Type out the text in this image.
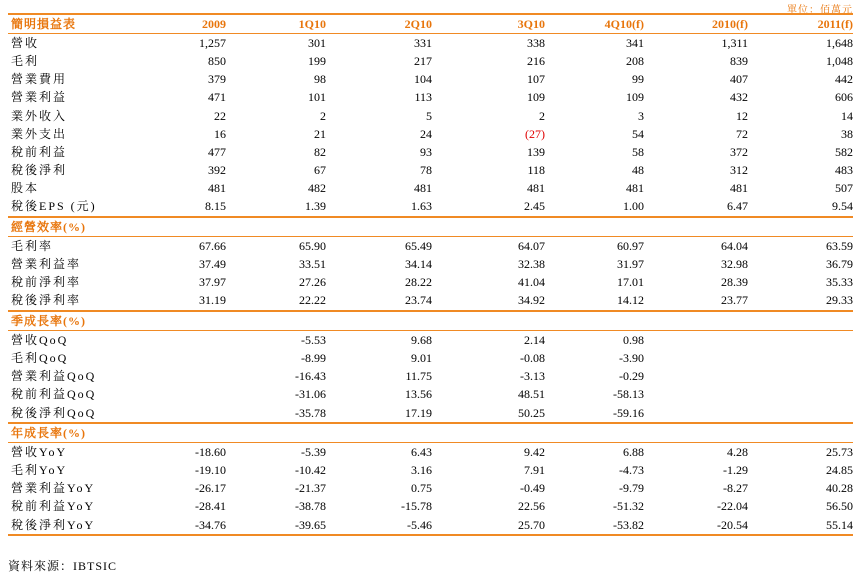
單位：佰萬元
簡明損益表	2009	1Q10	2Q10	3Q10	4Q10(f)	2010(f)	2011(f)
營收	1,257	301	331	338	341	1,311	1,648
毛利	850	199	217	216	208	839	1,048
營業費用	379	98	104	107	99	407	442
營業利益	471	101	113	109	109	432	606
業外收入	22	2	5	2	3	12	14
業外支出	16	21	24	(27)	54	72	38
稅前利益	477	82	93	139	58	372	582
稅後淨利	392	67	78	118	48	312	483
股本	481	482	481	481	481	481	507
稅後EPS (元)	8.15	1.39	1.63	2.45	1.00	6.47	9.54
經營效率(%)							
毛利率	67.66	65.90	65.49	64.07	60.97	64.04	63.59
營業利益率	37.49	33.51	34.14	32.38	31.97	32.98	36.79
稅前淨利率	37.97	27.26	28.22	41.04	17.01	28.39	35.33
稅後淨利率	31.19	22.22	23.74	34.92	14.12	23.77	29.33
季成長率(%)							
營收QoQ		-5.53	9.68	2.14	0.98		
毛利QoQ		-8.99	9.01	-0.08	-3.90		
營業利益QoQ		-16.43	11.75	-3.13	-0.29		
稅前利益QoQ		-31.06	13.56	48.51	-58.13		
稅後淨利QoQ		-35.78	17.19	50.25	-59.16		
年成長率(%)							
營收YoY	-18.60	-5.39	6.43	9.42	6.88	4.28	25.73
毛利YoY	-19.10	-10.42	3.16	7.91	-4.73	-1.29	24.85
營業利益YoY	-26.17	-21.37	0.75	-0.49	-9.79	-8.27	40.28
稅前利益YoY	-28.41	-38.78	-15.78	22.56	-51.32	-22.04	56.50
稅後淨利YoY	-34.76	-39.65	-5.46	25.70	-53.82	-20.54	55.14
資料來源：IBTSIC
